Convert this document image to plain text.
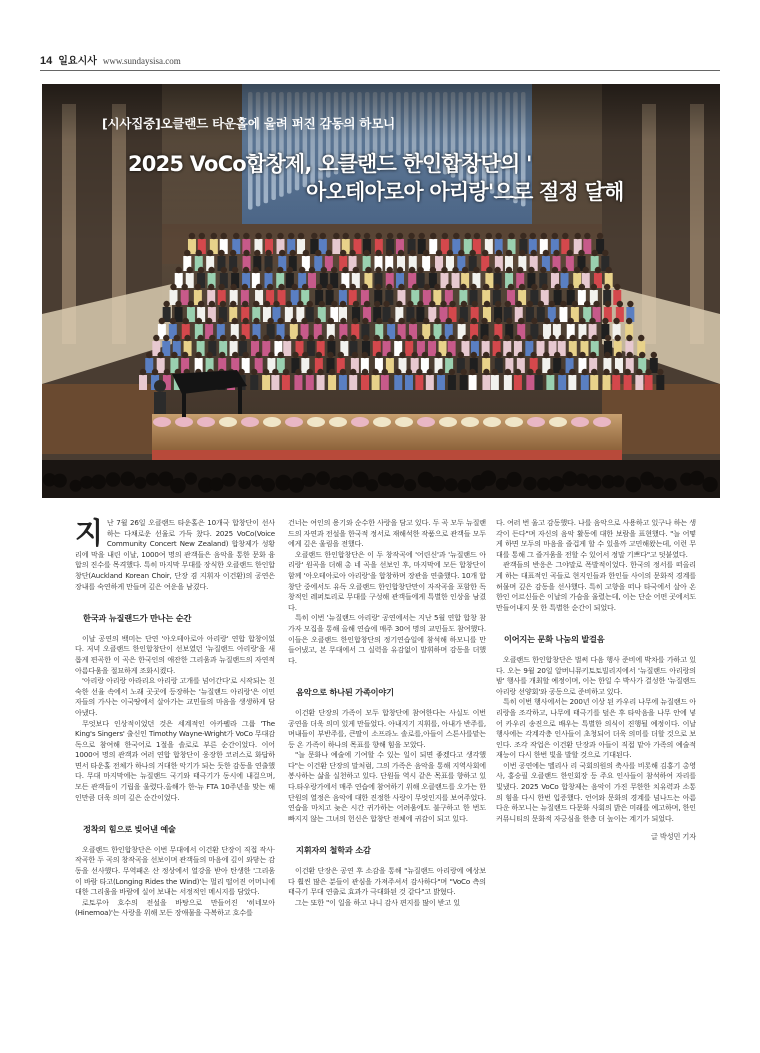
14 일요시사 www.sundaysisa.com
[시사집중]오클랜드 타운홀에 울려 퍼진 감동의 하모니
2025 VoCo합창제, 오클랜드 한인합창단의 '
아오테아로아 아리랑'으로 절정 달해
지 난 7월 26일 오클랜드 타운홀은 10개국 합창단이 선사하는 다채로운 선율로 가득 찼다. 2025 VoCo(Voice Community Concert New Zealand) 합창제가 성황리에 막을 내린 이날, 1000여 명의 관객들은 음악을 통한 문화 융합의 진수를 목격했다. 특히 마지막 무대를 장식한 오클랜드 한인합창단(Auckland Korean Choir, 단장 겸 지휘자 이건환)의 공연은 장내를 숙연하게 만들며 깊은 여운을 남겼다.

한국과 뉴질랜드가 만나는 순간

이날 공연의 백미는 단연 '아오테아로아 아리랑' 연합 합창이었다. 저녁 오클랜드 한인합창단이 선보였던 '뉴질랜드 아리랑'을 새롭게 편곡한 이 곡은 한국인의 애잔한 그리움과 뉴질랜드의 자연적 아름다움을 절묘하게 조화시켰다.

'아리랑 아리랑 아라리요 아리랑 고개를 넘어간다'로 시작되는 친숙한 선율 속에서 노래 곳곳에 등장하는 '뉴질랜드 아리랑'은 이민자들의 가사는 이국땅에서 살아가는 교민들의 마음을 생생하게 담아냈다.

무엇보다 인상적이었던 것은 세계적인 아카펠라 그룹 'The King's Singers' 출신인 Timothy Wayne-Wright가 VoCo 무대감독으로 참여해 한국어로 1절을 솔로로 부른 순간이었다. 이어 1000여 명의 관객과 여러 연합 합창단이 웅장한 코러스로 화답하면서 타운홀 전체가 하나의 거대한 악기가 되는 듯한 감동을 연출했다. 무대 마지막에는 뉴질랜드 국기와 태극기가 동시에 내걸으며, 모든 관객들이 기립을 울렸다.올해가 한-뉴 FTA 10주년을 맞는 해인만큼 더욱 의미 깊은 순간이었다.

정착의 힘으로 빚어낸 예술

오클랜드 한인합창단은 이번 무대에서 이건환 단장이 직접 작사·작곡한 두 곡의 창작곡을 선보이며 관객들의 마음에 깊이 와닿는 감동을 선사했다. 무역패온 산 정상에서 열강을 받아 탄생한 '그리움이 바람 타고(Longing Rides the Wind)'는 멀리 떨어진 어머니에 대한 그리움을 바람에 실어 보내는 서정적인 메시지를 담았다.

로토루아 호수의 전설을 바탕으로 만들어진 '히네모아(Hinemoa)'는 사랑을 위해 모든 장애물을 극복하고 호수를

건너는 여인의 용기와 순수한 사랑을 담고 있다. 두 곡 모두 뉴질랜드의 자연과 전설을 한국적 정서로 재해석한 작품으로 관객들 모두에게 깊은 울림을 전했다.

오클랜드 한인합창단은 이 두 창작곡에 '어린신'과 '뉴질랜드 아리랑' 원곡을 더해 총 네 곡을 선보인 후, 마지막에 모든 합창단이 함께 '아오테아로아 아리랑'을 합창하며 장관을 연출했다. 10개 합창단 중에서도 유독 오클랜드 한인합창단만이 자작곡을 포함한 독창적인 레퍼토리로 무대를 구성해 관객들에게 특별한 인상을 남겼다.

특히 이번 '뉴질랜드 아리랑' 공연에서는 지난 5월 연합 합창 참가자 모집을 통해 올해 연습에 매주 30여 명의 교민들도 참여했다. 이들은 오클랜드 한인합창단의 정기연습일에 참석해 하모니를 만들어냈고, 본 무대에서 그 실력을 유감없이 발휘하며 감동을 더했다.

음악으로 하나된 가족이야기

이건환 단장의 가족이 모두 합창단에 참여한다는 사실도 이번 공연을 더욱 의미 있게 만들었다. 아내지기 지휘를, 아내가 반주를, 며내들이 부반주를, 큰딸이 소프라노 솔로를,아들이 스튼사를맡는 등 온 가족이 하나의 목표를 향해 힘을 모았다.

"늘 문화나 예술에 기여할 수 있는 일이 되면 좋겠다고 생각했다"는 이건환 단장의 말처럼, 그의 가족은 음악을 통해 지역사회에 봉사하는 삶을 실천하고 있다. 단원들 역시 같은 목표를 향하고 있다.타우랑가에서 매주 연습에 참여하기 위해 오클랜드를 오가는 한 단원의 열정은 음악에 대한 진정한 사랑이 무엇인지를 보여주었다. 연습을 마치고 늦은 시간 귀가하는 어려움에도 불구하고 한 번도 빠지지 않는 그녀의 헌신은 합창단 전체에 귀감이 되고 있다.

지휘자의 철학과 소감

이건환 단장은 공연 후 소감을 통해 "뉴질랜드 아리랑에 예상보다 훨씬 많은 분들이 관심을 가져주셔서 감사하다"며 "VoCo 측의 태극기 무대 연출로 효과가 극대화된 것 같다"고 밝혔다.

그는 또한 "이 일을 하고 나니 감사 편지를 많이 받고 있

다. 여러 번 울고 감동했다. 나를 음악으로 사용하고 있구나 하는 생각이 든다"며 자신의 음악 활동에 대한 보람을 표현했다. "늘 어떻게 하면 모두의 마음을 즐겁게 할 수 있을까 고민해왔는데, 이런 무대를 통해 그 즐거움을 전할 수 있어서 정말 기쁘다"고 덧붙였다.

관객들의 반응은 그야말로 폭발적이었다. 한국의 정서를 떠올리게 하는 대표적인 곡들로 현지인들과 한인들 사이의 문화적 경계를 허물며 깊은 감동을 선사했다. 특히 고향을 떠나 타국에서 살아 온 한인 어르신들은 이날의 가슴을 울렸는데, 이는 단순 어떤 곳에서도 만들어내지 못 한 특별한 순간이 되었다.

이어지는 문화 나눔의 발걸음

오클랜드 한인합창단은 벌써 다음 행사 준비에 박차를 가하고 있다. 오는 9월 20일 알버니뮤키토토빌리지에서 '뉴질랜드 아리랑의 밤' 행사를 개최할 예정이며, 이는 한일 수 박사가 결성한 '뉴질랜드 아리랑 선양회'와 공동으로 준비하고 있다.

특히 이번 행사에서는 200년 이상 된 카우리 나무에 뉴질랜드 아리랑을 조각하고, 나무에 태극기를 덮은 후 타악음을 나무 안에 넣어 카우리 송진으로 배우는 특별한 의식이 진행될 예정이다. 이날 행사에는 각계각층 인사들이 초청되어 더욱 의미를 더할 것으로 보인다. 조각 작업은 이건환 단장과 아들이 직접 맡아 가족의 예술적 재능이 다시 한번 빛을 발할 것으로 기대된다.

이번 공연에는 멜리사 리 국회의원의 축사를 비롯해 김홍기 총영사, 홍승필 오클랜드 한인회장 등 주요 인사들이 참석하여 자리를 빛냈다. 2025 VoCo 합창제는 음악이 가진 무한한 치유력과 소통의 힘을 다시 한번 입증했다. 언어와 문화의 경계를 넘나드는 아름다운 하모니는 뉴질랜드 다문화 사회의 밝은 미래를 예고하며, 한인 커뮤니티의 문화적 자긍심을 한층 더 높이는 계기가 되었다.

글 박성민 기자
